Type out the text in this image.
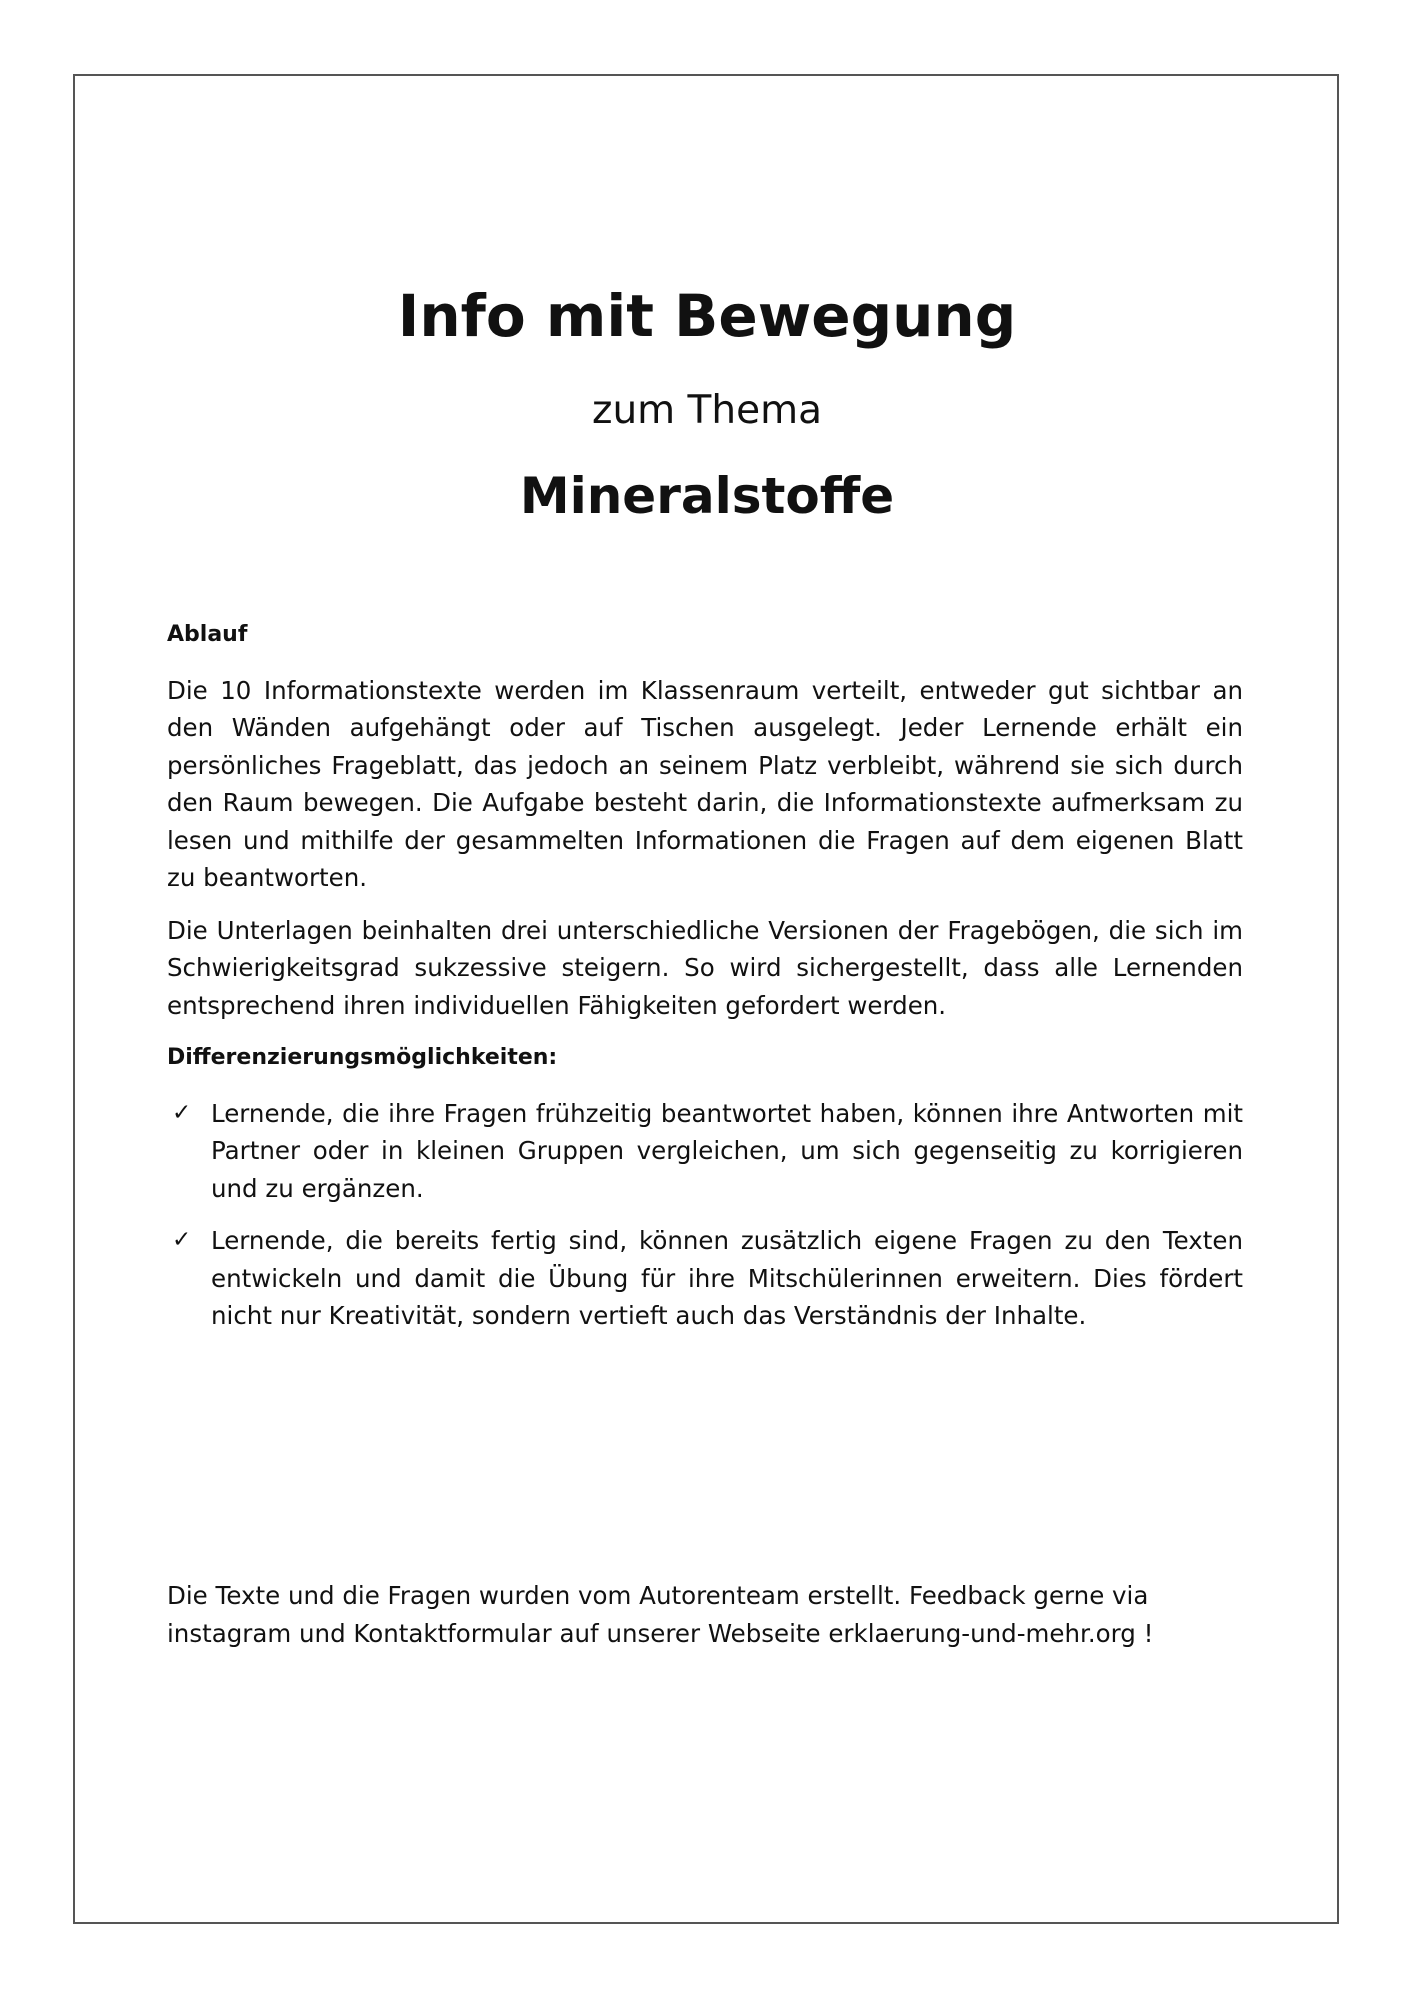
Info mit Bewegung

zum Thema

Mineralstoffe
Ablauf

Die 10 Informationstexte werden im Klassenraum verteilt, entweder gut sichtbar an den Wänden aufgehängt oder auf Tischen ausgelegt. Jeder Lernende erhält ein persönliches Frageblatt, das jedoch an seinem Platz verbleibt, während sie sich durch den Raum bewegen. Die Aufgabe besteht darin, die Informationstexte aufmerksam zu lesen und mithilfe der gesammelten Informationen die Fragen auf dem eigenen Blatt zu beantworten.

Die Unterlagen beinhalten drei unterschiedliche Versionen der Fragebögen, die sich im Schwierigkeitsgrad sukzessive steigern. So wird sichergestellt, dass alle Lernenden entsprechend ihren individuellen Fähigkeiten gefordert werden.

Differenzierungsmöglichkeiten:
✓ Lernende, die ihre Fragen frühzeitig beantwortet haben, können ihre Antworten mit Partner oder in kleinen Gruppen vergleichen, um sich gegenseitig zu korrigieren und zu ergänzen.
✓ Lernende, die bereits fertig sind, können zusätzlich eigene Fragen zu den Texten entwickeln und damit die Übung für ihre Mitschülerinnen erweitern. Dies fördert nicht nur Kreativität, sondern vertieft auch das Verständnis der Inhalte.

Die Texte und die Fragen wurden vom Autorenteam erstellt. Feedback gerne via instagram und Kontaktformular auf unserer Webseite erklaerung-und-mehr.org !
